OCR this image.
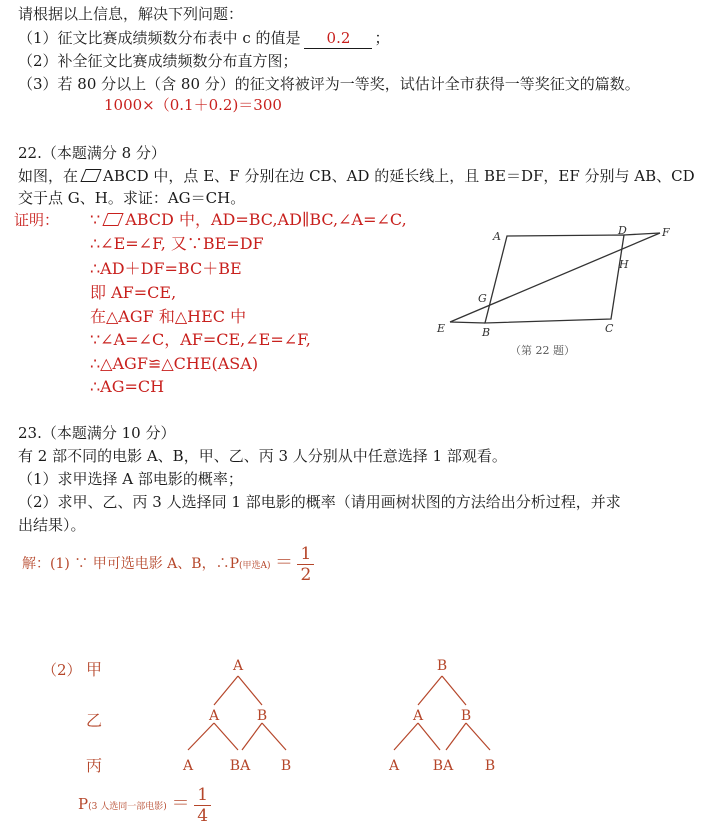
请根据以上信息，解决下列问题：
（1）征文比赛成绩频数分布表中 c 的值是 0.2 ；
（2）补全征文比赛成绩频数分布直方图；
（3）若 80 分以上（含 80 分）的征文将被评为一等奖，试估计全市获得一等奖征文的篇数。
1000×（0.1＋0.2)＝300
22.（本题满分 8 分）
如图，在 ABCD 中，点 E、F 分别在边 CB、AD 的延长线上，且 BE＝DF，EF 分别与 AB、CD
交于点 G、H。求证：AG＝CH。
证明： ∵ ABCD 中，AD=BC,AD∥BC,∠A=∠C,
∴∠E=∠F, 又∵BE=DF
∴AD＋DF=BC＋BE
即 AF=CE,
在△AGF 和△HEC 中
∵∠A=∠C，AF=CE,∠E=∠F,
∴△AGF≌△CHE(ASA)
∴AG=CH
A	D	F
H
G
E	B	C
（第 22 题）
23.（本题满分 10 分）
有 2 部不同的电影 A、B，甲、乙、丙 3 人分别从中任意选择 1 部观看。
（1）求甲选择 A 部电影的概率；
（2）求甲、乙、丙 3 人选择同 1 部电影的概率（请用画树状图的方法给出分析过程，并求
出结果）。
解：(1) ∵ 甲可选电影 A、B，∴P(甲选$A) = \frac{1}{2}$
（2） 甲
乙
丙
A
A	B
A	BA B
B
A	B
A BA B
P(3 人选同一部电影) ＝ $\frac{1}{4}$
